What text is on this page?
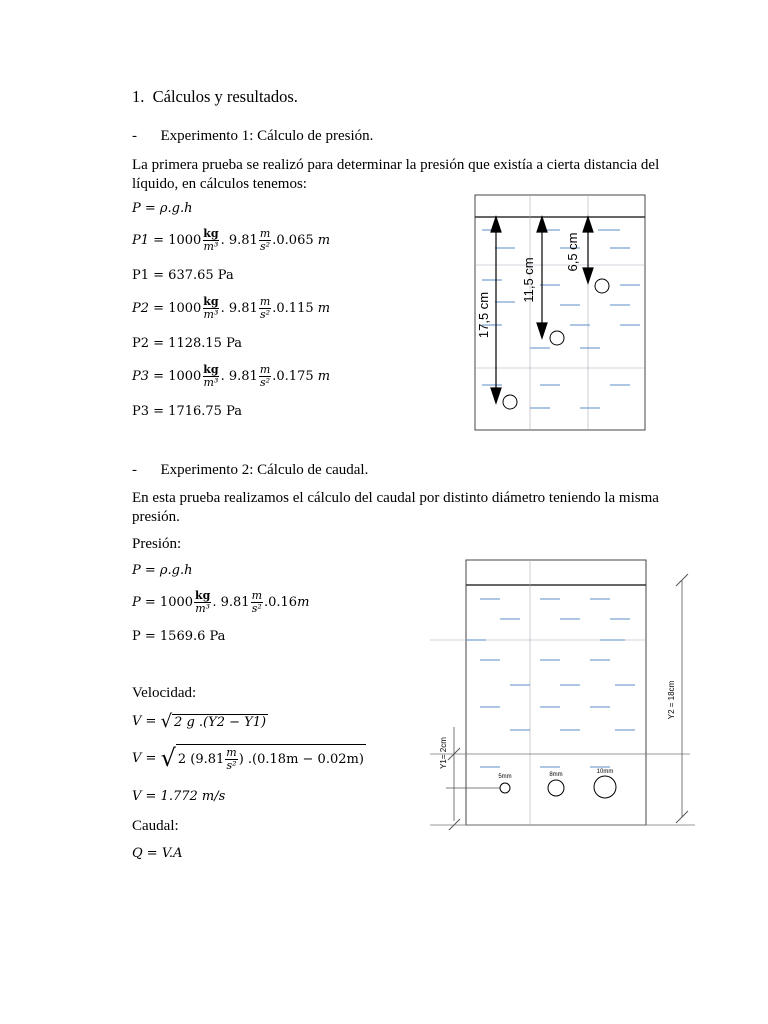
1. Cálculos y resultados.
- Experimento 1: Cálculo de presión.
La primera prueba se realizó para determinar la presión que existía a cierta distancia del líquido, en cálculos tenemos:
P = ρ.g.h
P1 =
$1000 \frac{kg}{\text{m³}}$ . $9.81 \frac{m}{\text{s²}} .0.065$
m
P1 = 637.65 Pa
P2 =
$1000 \frac{kg}{\text{m³}}$ . $9.81 \frac{m}{\text{s²}} .0.115$
m
P2 = 1128.15 Pa
P3 =
$1000 \frac{kg}{\text{m³}}$ . $9.81 \frac{m}{\text{s²}} .0.175$
m
P3 = 1716.75 Pa
17,5 cm
11,5 cm
6,5 cm
- Experimento 2: Cálculo de caudal.
En esta prueba realizamos el cálculo del caudal por distinto diámetro teniendo la misma presión.
Presión:
P = ρ.g.h
P =
$1000 \frac{kg}{\text{m³}}$ . $9.81 \frac{m}{\text{s²}} .0.16$ m
P = 1569.6 Pa
Velocidad:
V =
√ 2 g .(Y2 − Y1)
V =
√ 2 ($9.81 \frac{m}{\text{s²}}$ ) .(0.18m − 0.02m)
V = 1.772 m/s
Caudal:
Q = V.A
Y2 = 18cm
Y1= 2cm
5mm	8mm	10mm
